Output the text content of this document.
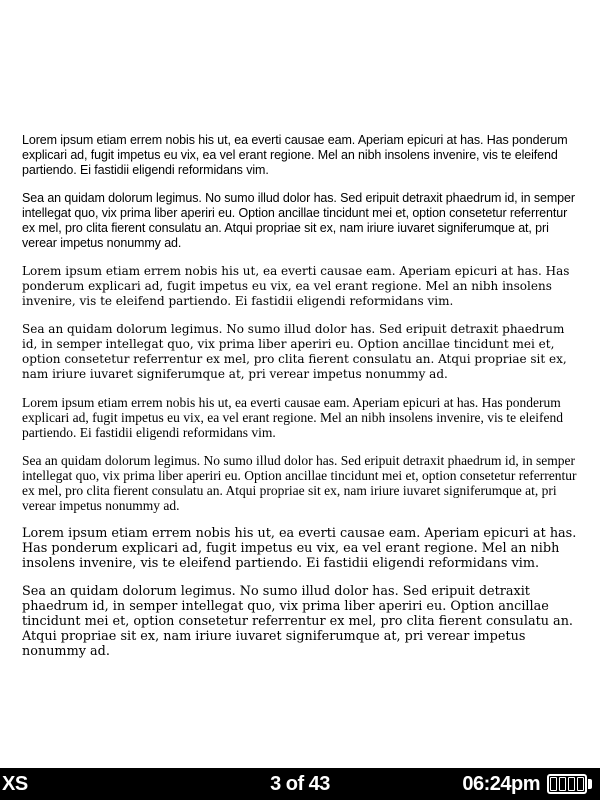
Lorem ipsum etiam errem nobis his ut, ea everti causae eam. Aperiam epicuri at has. Has ponderum explicari ad, fugit impetus eu vix, ea vel erant regione. Mel an nibh insolens invenire, vis te eleifend partiendo. Ei fastidii eligendi reformidans vim.

Sea an quidam dolorum legimus. No sumo illud dolor has. Sed eripuit detraxit phaedrum id, in semper intellegat quo, vix prima liber aperiri eu. Option ancillae tincidunt mei et, option consetetur referrentur ex mel, pro clita fierent consulatu an. Atqui propriae sit ex, nam iriure iuvaret signiferumque at, pri verear impetus nonummy ad.

Lorem ipsum etiam errem nobis his ut, ea everti causae eam. Aperiam epicuri at has. Has ponderum explicari ad, fugit impetus eu vix, ea vel erant regione. Mel an nibh insolens invenire, vis te eleifend partiendo. Ei fastidii eligendi reformidans vim.

Sea an quidam dolorum legimus. No sumo illud dolor has. Sed eripuit detraxit phaedrum id, in semper intellegat quo, vix prima liber aperiri eu. Option ancillae tincidunt mei et, option consetetur referrentur ex mel, pro clita fierent consulatu an. Atqui propriae sit ex, nam iriure iuvaret signiferumque at, pri verear impetus nonummy ad.

Lorem ipsum etiam errem nobis his ut, ea everti causae eam. Aperiam epicuri at has. Has ponderum explicari ad, fugit impetus eu vix, ea vel erant regione. Mel an nibh insolens invenire, vis te eleifend partiendo. Ei fastidii eligendi reformidans vim.

Sea an quidam dolorum legimus. No sumo illud dolor has. Sed eripuit detraxit phaedrum id, in semper intellegat quo, vix prima liber aperiri eu. Option ancillae tincidunt mei et, option consetetur referrentur ex mel, pro clita fierent consulatu an. Atqui propriae sit ex, nam iriure iuvaret signiferumque at, pri verear impetus nonummy ad.

Lorem ipsum etiam errem nobis his ut, ea everti causae eam. Aperiam epicuri at has. Has ponderum explicari ad, fugit impetus eu vix, ea vel erant regione. Mel an nibh insolens invenire, vis te eleifend partiendo. Ei fastidii eligendi reformidans vim.

Sea an quidam dolorum legimus. No sumo illud dolor has. Sed eripuit detraxit phaedrum id, in semper intellegat quo, vix prima liber aperiri eu. Option ancillae tincidunt mei et, option consetetur referrentur ex mel, pro clita fierent consulatu an. Atqui propriae sit ex, nam iriure iuvaret signiferumque at, pri verear impetus nonummy ad.

XS	3 of 43	06:24pm
